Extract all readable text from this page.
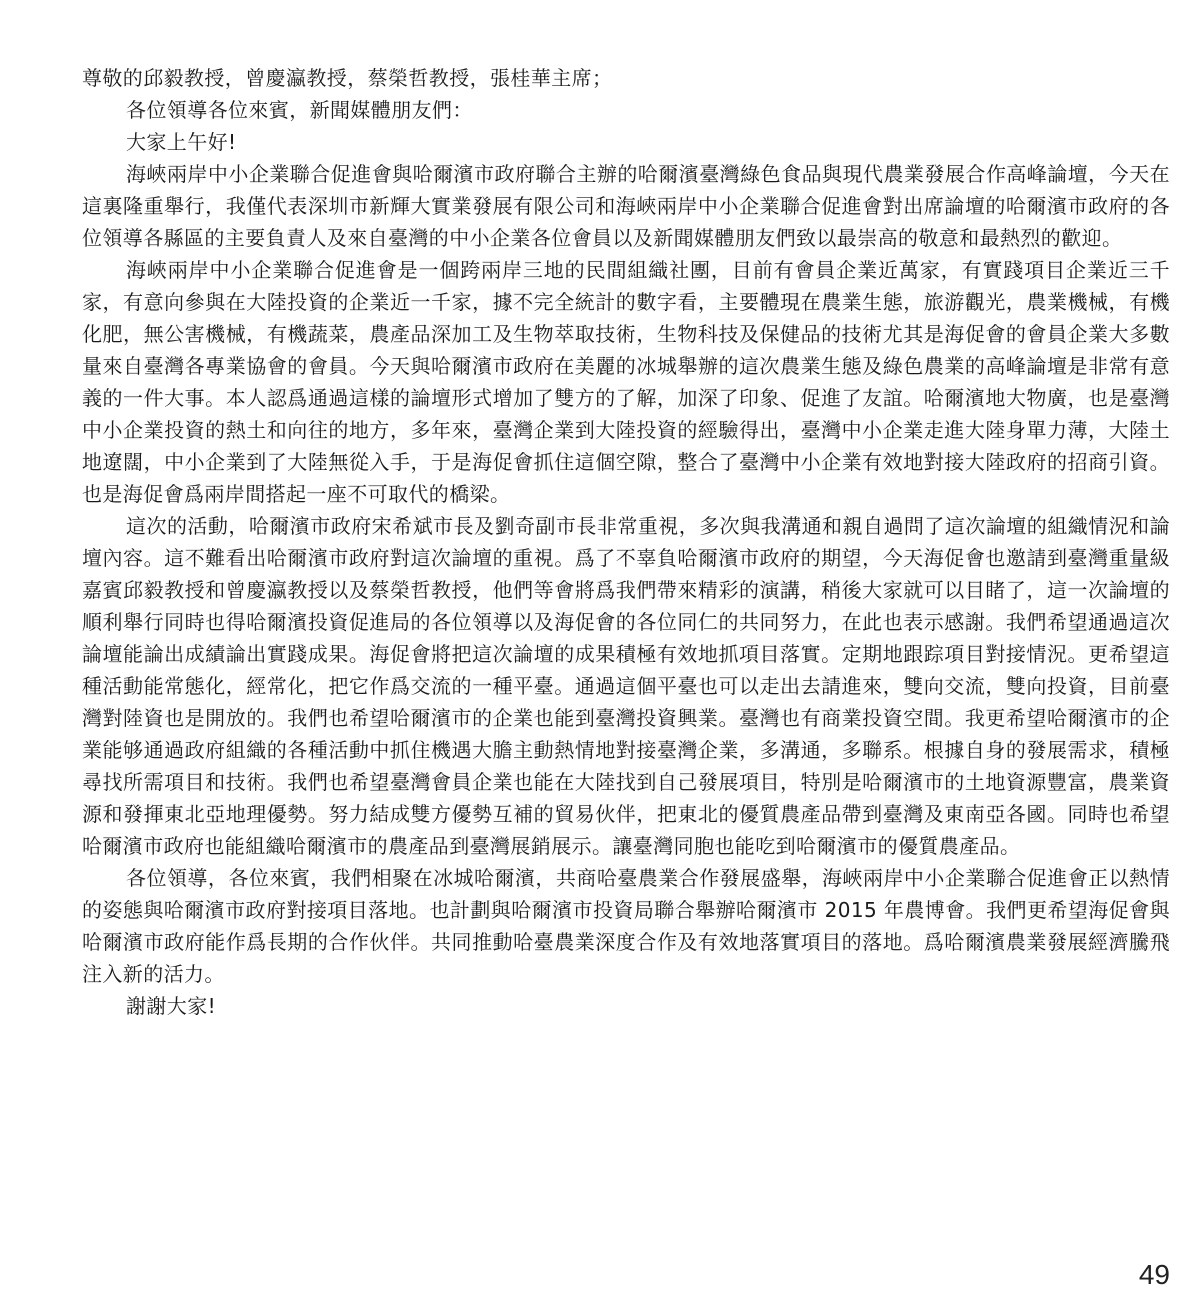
尊敬的邱毅教授，曾慶瀛教授，蔡榮哲教授，張桂華主席；

各位領導各位來賓，新聞媒體朋友們：

大家上午好!

海峽兩岸中小企業聯合促進會與哈爾濱市政府聯合主辦的哈爾濱臺灣綠色食品與現代農業發展合作高峰論壇，今天在這裏隆重舉行，我僅代表深圳市新輝大實業發展有限公司和海峽兩岸中小企業聯合促進會對出席論壇的哈爾濱市政府的各位領導各縣區的主要負責人及來自臺灣的中小企業各位會員以及新聞媒體朋友們致以最崇高的敬意和最熱烈的歡迎。

海峽兩岸中小企業聯合促進會是一個跨兩岸三地的民間組織社團，目前有會員企業近萬家，有實踐項目企業近三千家，有意向參與在大陸投資的企業近一千家，據不完全統計的數字看，主要體現在農業生態，旅游觀光，農業機械，有機化肥，無公害機械，有機蔬菜，農產品深加工及生物萃取技術，生物科技及保健品的技術尤其是海促會的會員企業大多數量來自臺灣各專業協會的會員。今天與哈爾濱市政府在美麗的冰城舉辦的這次農業生態及綠色農業的高峰論壇是非常有意義的一件大事。本人認爲通過這樣的論壇形式增加了雙方的了解，加深了印象、促進了友誼。哈爾濱地大物廣，也是臺灣中小企業投資的熱土和向往的地方，多年來，臺灣企業到大陸投資的經驗得出，臺灣中小企業走進大陸身單力薄，大陸土地遼闊，中小企業到了大陸無從入手，于是海促會抓住這個空隙，整合了臺灣中小企業有效地對接大陸政府的招商引資。也是海促會爲兩岸間搭起一座不可取代的橋梁。

這次的活動，哈爾濱市政府宋希斌市長及劉奇副市長非常重視，多次與我溝通和親自過問了這次論壇的組織情況和論壇內容。這不難看出哈爾濱市政府對這次論壇的重視。爲了不辜負哈爾濱市政府的期望，今天海促會也邀請到臺灣重量級嘉賓邱毅教授和曾慶瀛教授以及蔡榮哲教授，他們等會將爲我們帶來精彩的演講，稍後大家就可以目睹了，這一次論壇的順利舉行同時也得哈爾濱投資促進局的各位領導以及海促會的各位同仁的共同努力，在此也表示感謝。我們希望通過這次論壇能論出成績論出實踐成果。海促會將把這次論壇的成果積極有效地抓項目落實。定期地跟踪項目對接情況。更希望這種活動能常態化，經常化，把它作爲交流的一種平臺。通過這個平臺也可以走出去請進來，雙向交流，雙向投資，目前臺灣對陸資也是開放的。我們也希望哈爾濱市的企業也能到臺灣投資興業。臺灣也有商業投資空間。我更希望哈爾濱市的企業能够通過政府組織的各種活動中抓住機遇大膽主動熱情地對接臺灣企業，多溝通，多聯系。根據自身的發展需求，積極尋找所需項目和技術。我們也希望臺灣會員企業也能在大陸找到自己發展項目，特別是哈爾濱市的土地資源豐富，農業資源和發揮東北亞地理優勢。努力結成雙方優勢互補的貿易伙伴，把東北的優質農產品帶到臺灣及東南亞各國。同時也希望哈爾濱市政府也能組織哈爾濱市的農產品到臺灣展銷展示。讓臺灣同胞也能吃到哈爾濱市的優質農產品。

各位領導，各位來賓，我們相聚在冰城哈爾濱，共商哈臺農業合作發展盛舉，海峽兩岸中小企業聯合促進會正以熱情的姿態與哈爾濱市政府對接項目落地。也計劃與哈爾濱市投資局聯合舉辦哈爾濱市 2015 年農博會。我們更希望海促會與哈爾濱市政府能作爲長期的合作伙伴。共同推動哈臺農業深度合作及有效地落實項目的落地。爲哈爾濱農業發展經濟騰飛注入新的活力。

謝謝大家!

49
